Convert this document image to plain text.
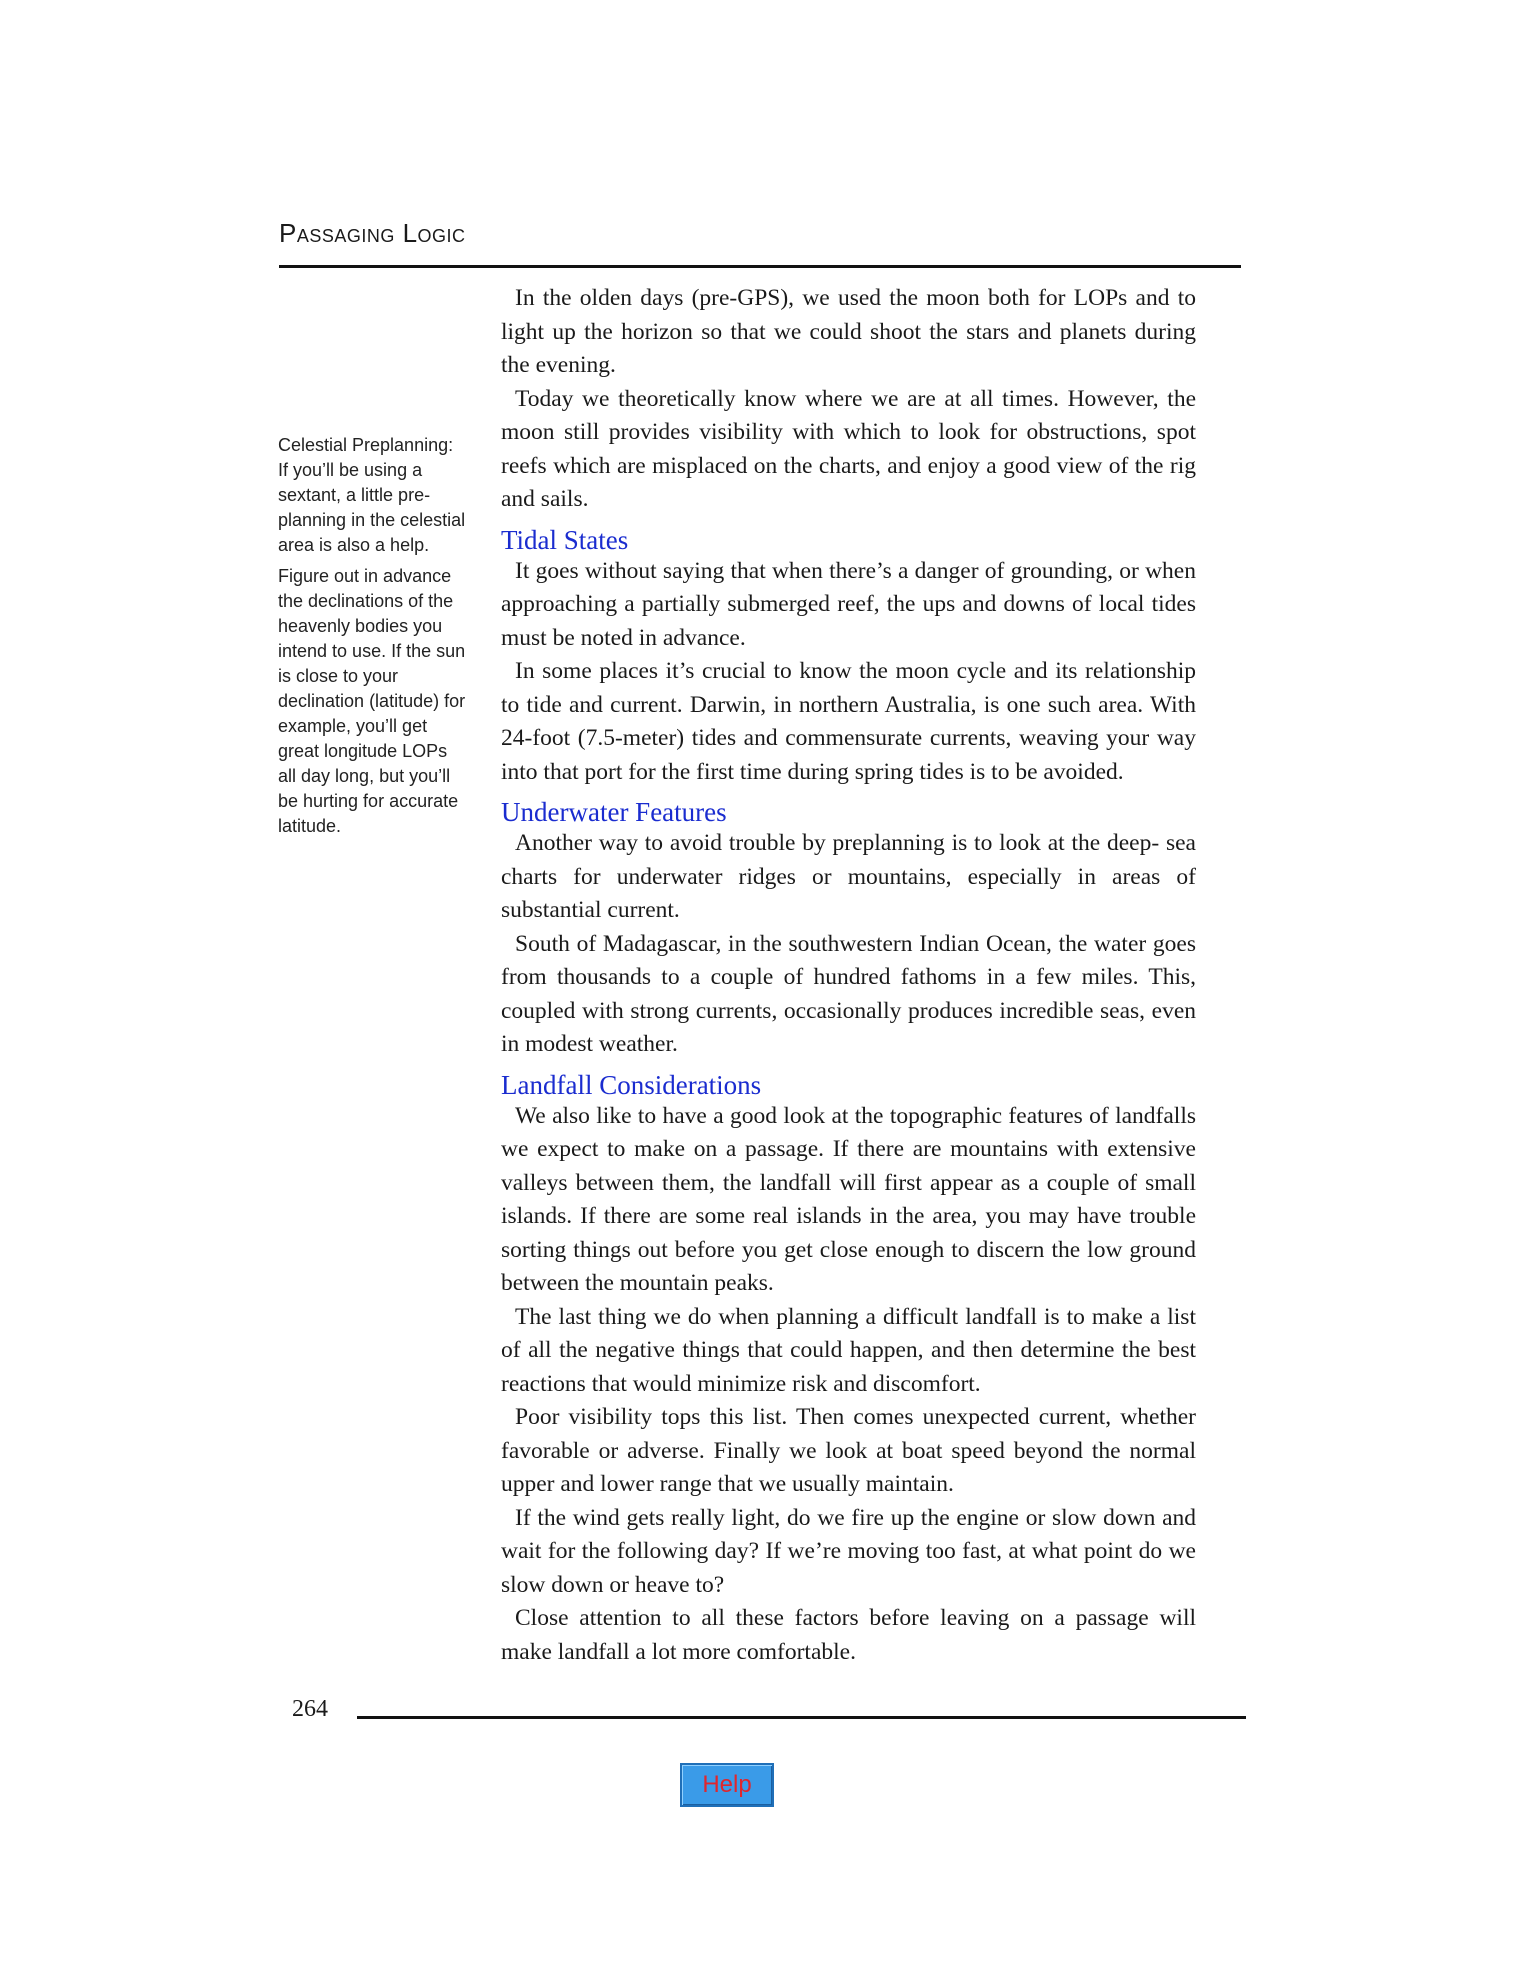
Passaging Logic

Celestial Preplanning: If you’ll be using a sextant, a little pre-planning in the celestial area is also a help.

Figure out in advance the declinations of the heavenly bodies you intend to use. If the sun is close to your declination (latitude) for example, you’ll get great longitude LOPs all day long, but you’ll be hurting for accurate latitude.

In the olden days (pre-GPS), we used the moon both for LOPs and to light up the horizon so that we could shoot the stars and planets during the evening.

Today we theoretically know where we are at all times. However, the moon still provides visibility with which to look for obstructions, spot reefs which are misplaced on the charts, and enjoy a good view of the rig and sails.

Tidal States

It goes without saying that when there’s a danger of grounding, or when approaching a partially submerged reef, the ups and downs of local tides must be noted in advance.

In some places it’s crucial to know the moon cycle and its relationship to tide and current. Darwin, in northern Australia, is one such area. With 24-foot (7.5-meter) tides and commensurate currents, weaving your way into that port for the first time during spring tides is to be avoided.

Underwater Features

Another way to avoid trouble by preplanning is to look at the deep- sea charts for underwater ridges or mountains, especially in areas of substantial current.

South of Madagascar, in the southwestern Indian Ocean, the water goes from thousands to a couple of hundred fathoms in a few miles. This, coupled with strong currents, occasionally produces incredible seas, even in modest weather.

Landfall Considerations

We also like to have a good look at the topographic features of landfalls we expect to make on a passage. If there are mountains with extensive valleys between them, the landfall will first appear as a couple of small islands. If there are some real islands in the area, you may have trouble sorting things out before you get close enough to discern the low ground between the mountain peaks.

The last thing we do when planning a difficult landfall is to make a list of all the negative things that could happen, and then determine the best reactions that would minimize risk and discomfort.

Poor visibility tops this list. Then comes unexpected current, whether favorable or adverse. Finally we look at boat speed beyond the normal upper and lower range that we usually maintain.

If the wind gets really light, do we fire up the engine or slow down and wait for the following day? If we’re moving too fast, at what point do we slow down or heave to?

Close attention to all these factors before leaving on a passage will make landfall a lot more comfortable.

264
Help
